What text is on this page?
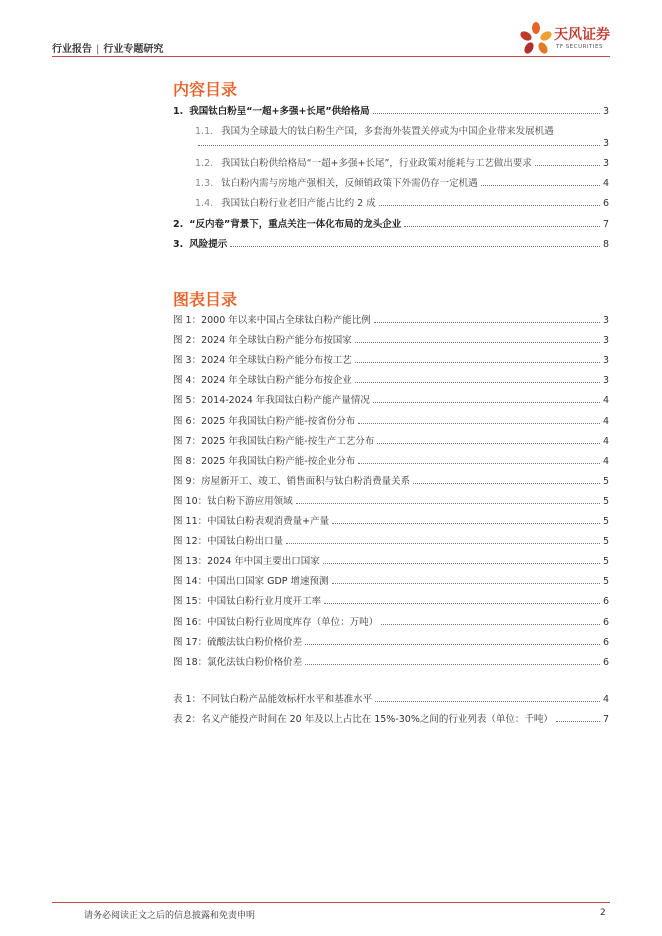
行业报告 | 行业专题研究
天风证券
TF SECURITIES
内容目录
1. 我国钛白粉呈“一超+多强+长尾”供给格局	3
1.1. 我国为全球最大的钛白粉生产国，多套海外装置关停或为中国企业带来发展机遇
3
1.2. 我国钛白粉供给格局“一超+多强+长尾”，行业政策对能耗与工艺做出要求	3
1.3. 钛白粉内需与房地产强相关，反倾销政策下外需仍存一定机遇	4
1.4. 我国钛白粉行业老旧产能占比约 2 成	6
2. “反内卷”背景下，重点关注一体化布局的龙头企业	7
3. 风险提示	8
图表目录
图 1：2000 年以来中国占全球钛白粉产能比例	3
图 2：2024 年全球钛白粉产能分布按国家	3
图 3：2024 年全球钛白粉产能分布按工艺	3
图 4：2024 年全球钛白粉产能分布按企业	3
图 5：2014-2024 年我国钛白粉产能产量情况	4
图 6：2025 年我国钛白粉产能-按省份分布	4
图 7：2025 年我国钛白粉产能-按生产工艺分布	4
图 8：2025 年我国钛白粉产能-按企业分布	4
图 9：房屋新开工、竣工、销售面积与钛白粉消费量关系	5
图 10：钛白粉下游应用领域	5
图 11：中国钛白粉表观消费量+产量	5
图 12：中国钛白粉出口量	5
图 13：2024 年中国主要出口国家	5
图 14：中国出口国家 GDP 增速预测	5
图 15：中国钛白粉行业月度开工率	6
图 16：中国钛白粉行业周度库存（单位：万吨）	6
图 17：硫酸法钛白粉价格价差	6
图 18：氯化法钛白粉价格价差	6
表 1：不同钛白粉产品能效标杆水平和基准水平	4
表 2：名义产能投产时间在 20 年及以上占比在 15%-30%之间的行业列表（单位：千吨）	7
请务必阅读正文之后的信息披露和免责申明	2
